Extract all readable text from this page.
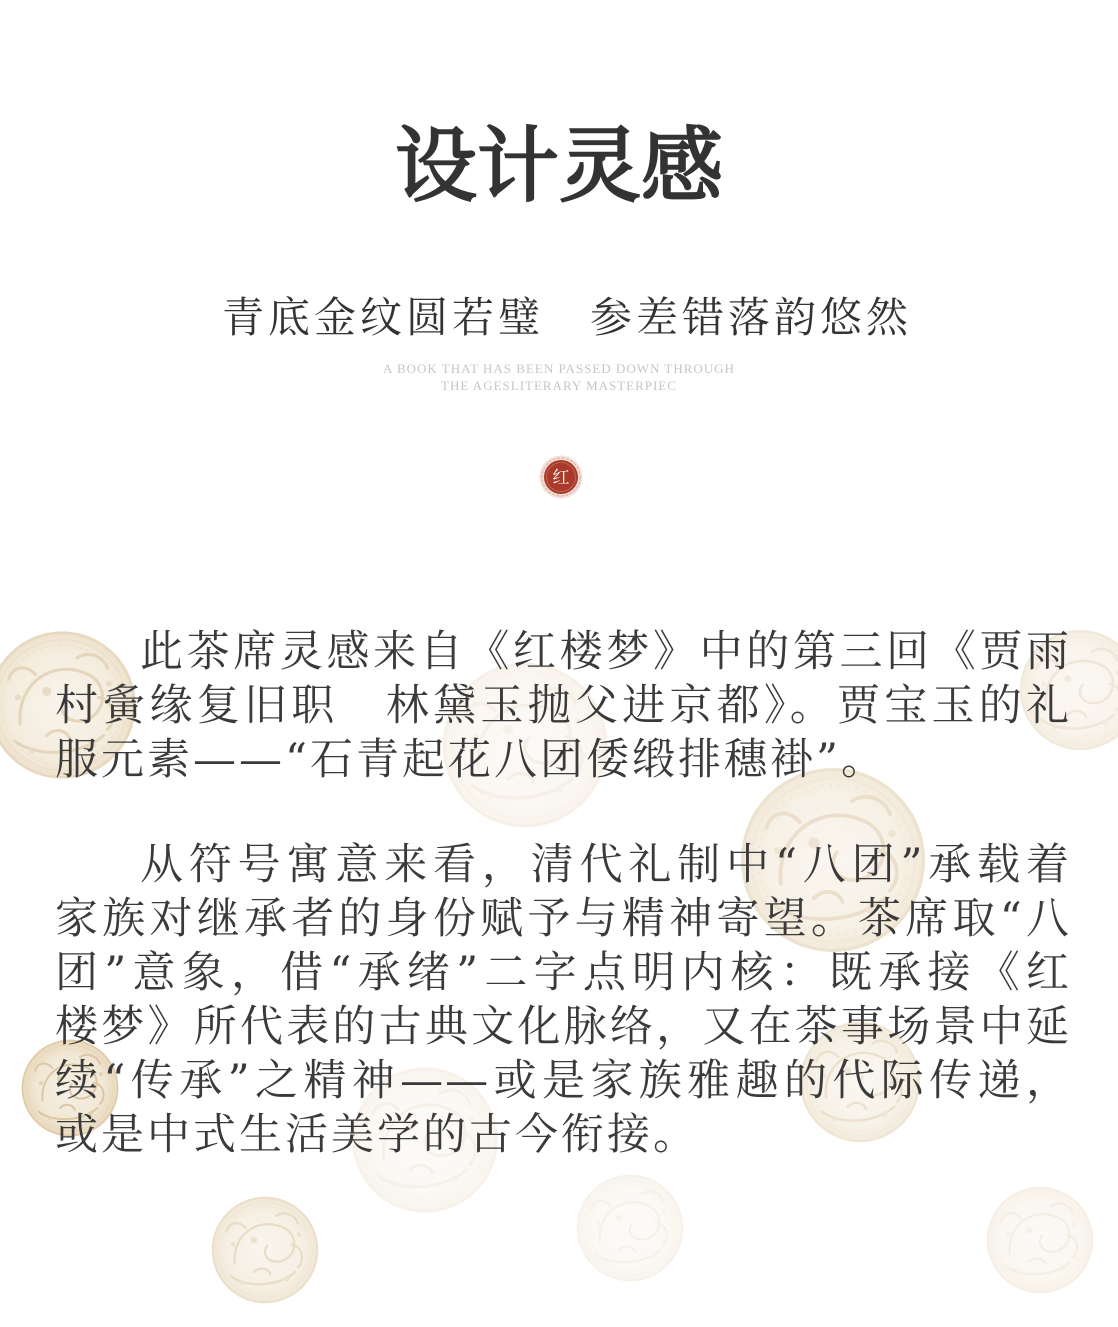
设计灵感
青底金纹圆若璧　参差错落韵悠然
A BOOK THAT HAS BEEN PASSED DOWN THROUGH
THE AGESLITERARY MASTERPIEC
红
此茶席灵感来自《红楼梦》中的第三回《贾雨
村夤缘复旧职　林黛玉抛父进京都》。贾宝玉的礼
服元素——“石青起花八团倭缎排穗褂”。
从符号寓意来看，清代礼制中“八团”承载着
家族对继承者的身份赋予与精神寄望。茶席取“八
团”意象，借“承绪”二字点明内核：既承接《红
楼梦》所代表的古典文化脉络，又在茶事场景中延
续“传承”之精神——或是家族雅趣的代际传递，
或是中式生活美学的古今衔接。
